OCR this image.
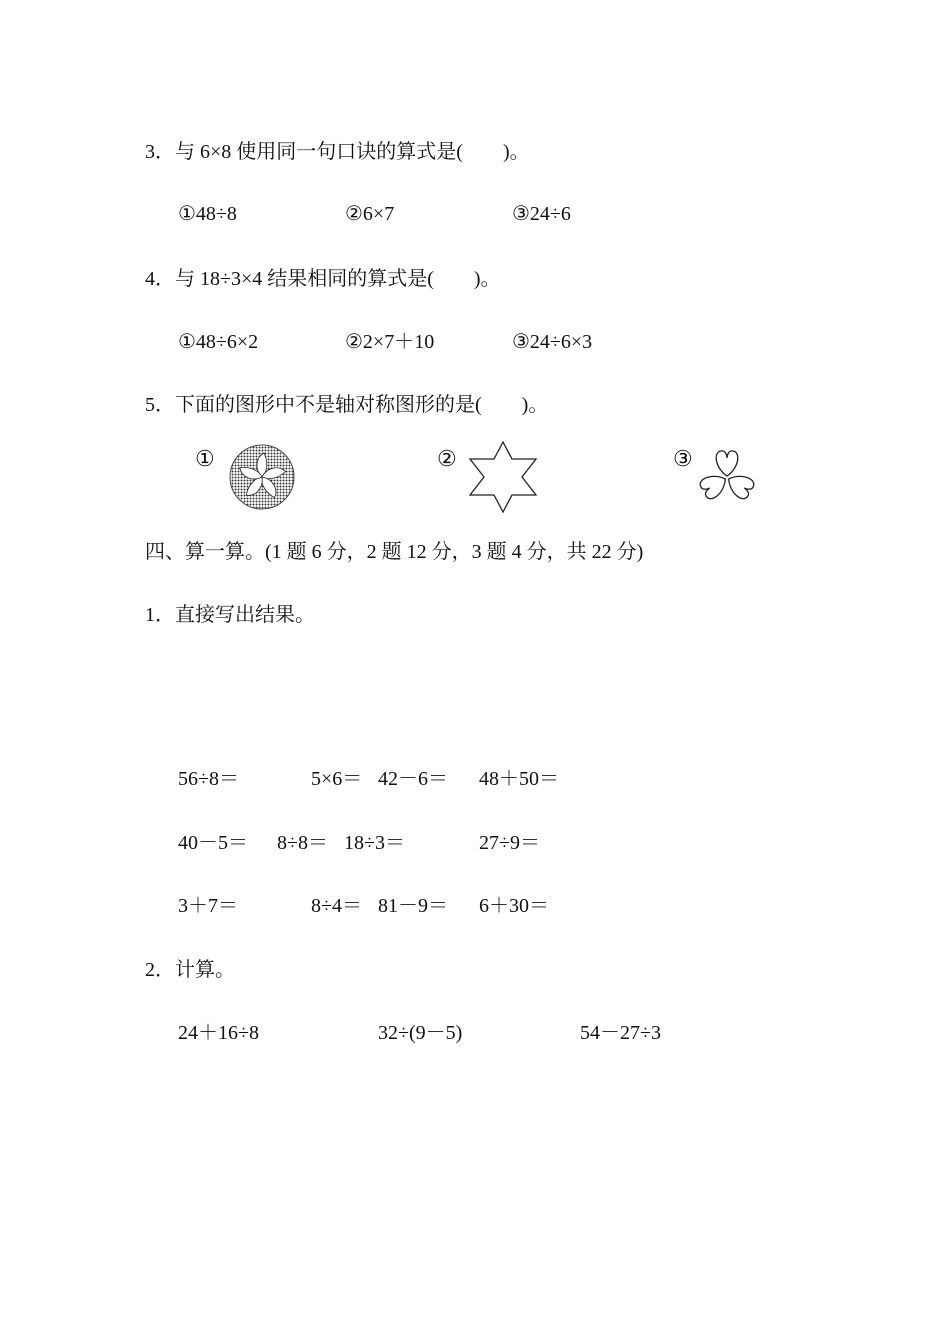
3．与 6×8 使用同一句口诀的算式是(　　)。
①48÷8	②6×7	③24÷6
4．与 18÷3×4 结果相同的算式是(　　)。
①48÷6×2	②2×7＋10	③24÷6×3
5．下面的图形中不是轴对称图形的是(　　)。
①	②	③
四、算一算。(1 题 6 分，2 题 12 分，3 题 4 分，共 22 分)
1．直接写出结果。
56÷8＝	5×6＝ 42－6＝ 48＋50＝
40－5＝ 8÷8＝ 18÷3＝	27÷9＝
3＋7＝	8÷4＝ 81－9＝ 6＋30＝
2．计算。
24＋16÷8	32÷(9－5)	54－27÷3
